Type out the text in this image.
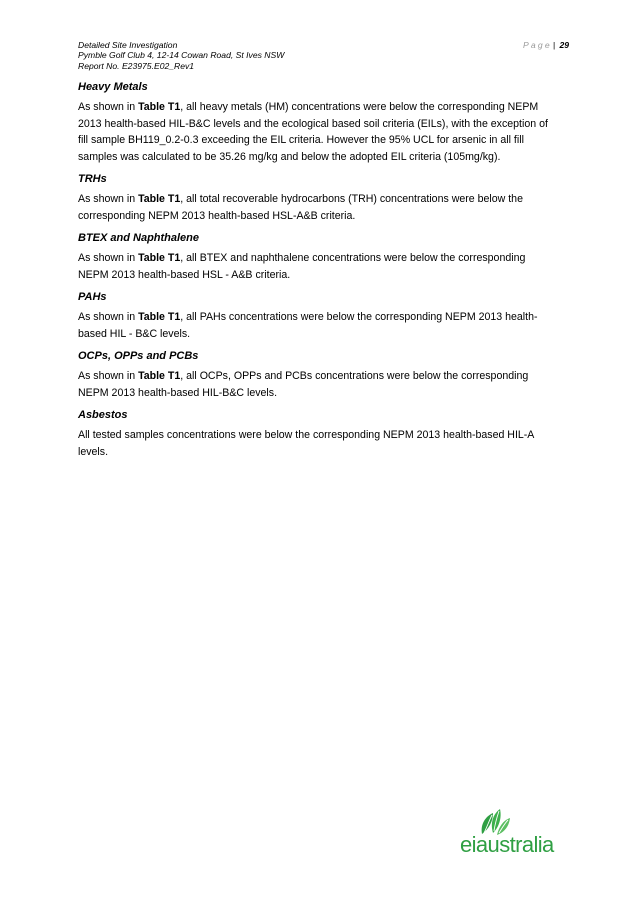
Detailed Site Investigation
Pymble Golf Club 4, 12-14 Cowan Road, St Ives NSW
Report No. E23975.E02_Rev1
Page| 29
Heavy Metals

As shown in Table T1, all heavy metals (HM) concentrations were below the corresponding NEPM 2013 health-based HIL-B&C levels and the ecological based soil criteria (EILs), with the exception of fill sample BH119_0.2-0.3 exceeding the EIL criteria. However the 95% UCL for arsenic in all fill samples was calculated to be 35.26 mg/kg and below the adopted EIL criteria (105mg/kg).

TRHs

As shown in Table T1, all total recoverable hydrocarbons (TRH) concentrations were below the corresponding NEPM 2013 health-based HSL-A&B criteria.

BTEX and Naphthalene

As shown in Table T1, all BTEX and naphthalene concentrations were below the corresponding NEPM 2013 health-based HSL - A&B criteria.

PAHs

As shown in Table T1, all PAHs concentrations were below the corresponding NEPM 2013 health-based HIL - B&C levels.

OCPs, OPPs and PCBs

As shown in Table T1, all OCPs, OPPs and PCBs concentrations were below the corresponding NEPM 2013 health-based HIL-B&C levels.

Asbestos

All tested samples concentrations were below the corresponding NEPM 2013 health-based HIL-A levels.

eiaustralia
